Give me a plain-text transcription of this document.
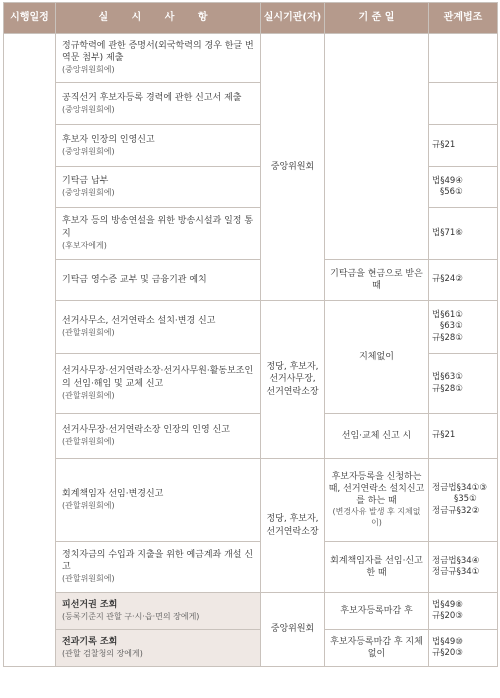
시행일정	실 시 사 항	실시기관(자)	기 준 일	관계법조

	정규학력에 관한 증명서(외국학력의 경우 한글 번역문 첨부) 제출
(중앙위원회에)	중앙위원회		

	공직선거 후보자등록 경력에 관한 신고서 제출
(중앙위원회에)			

	후보자 인장의 인영신고
(중앙위원회에)			규§21

	기탁금 납부
(중앙위원회에)			법§49④
§56①

	후보자 등의 방송연설을 위한 방송시설과 일정 통지
(후보자에게)			법§71⑥

	기탁금 영수증 교부 및 금융기관 예치		기탁금을 현금으로 받은 때	규§24②

	선거사무소, 선거연락소 설치·변경 신고
(관할위원회에)	정당, 후보자, 선거사무장, 선거연락소장	지체없이	법§61①
§63①
규§28①

	선거사무장·선거연락소장·선거사무원·활동보조인의 선임·해임 및 교체 신고
(관할위원회에)			법§63①
규§28①

	선거사무장·선거연락소장 인장의 인영 신고
(관할위원회에)		선임·교체 신고 시	규§21

	회계책임자 선임·변경신고
(관할위원회에)	정당, 후보자, 선거연락소장	후보자등록을 신청하는 때, 선거연락소 설치신고를 하는 때
(변경사유 발생 후 지체없이)	정금법§34①③
§35①
정금규§32②

	정치자금의 수입과 지출을 위한 예금계좌 개설 신고
(관할위원회에)		회계책임자를 선임·신고한 때	정금법§34④
정금규§34①

	피선거권 조회
(등록기준지 관할 구·시·읍·면의 장에게)	중앙위원회	후보자등록마감 후	법§49⑧
규§20③

	전과기록 조회
(관할 검찰청의 장에게)		후보자등록마감 후 지체없이	법§49⑩
규§20③
